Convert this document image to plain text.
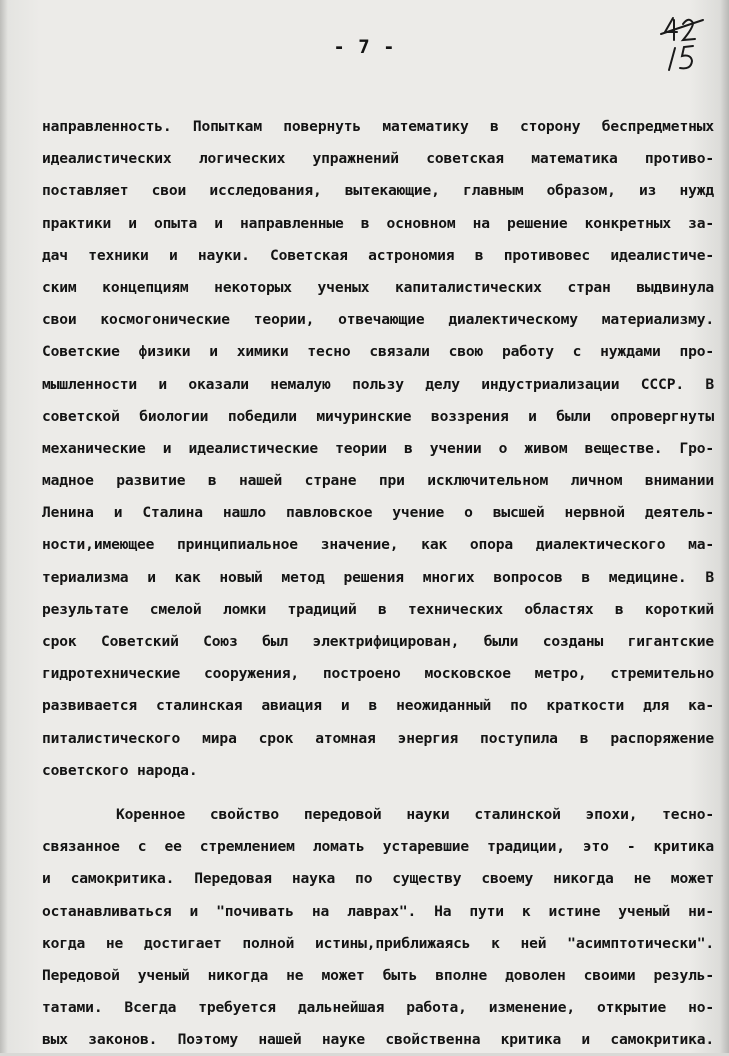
- 7 -
направленность. Попыткам повернуть математику в сторону беспредметных
идеалистических логических упражнений советская математика противо-
поставляет свои исследования, вытекающие, главным образом, из нужд
практики и опыта и направленные в основном на решение конкретных за-
дач техники и науки. Советская астрономия в противовес идеалистиче-
ским концепциям некоторых ученых капиталистических стран выдвинула
свои космогонические теории, отвечающие диалектическому материализму.
Советские физики и химики тесно связали свою работу с нуждами про-
мышленности и оказали немалую пользу делу индустриализации СССР. В
советской биологии победили мичуринские воззрения и были опровергнуты
механические и идеалистические теории в учении о живом веществе. Гро-
мадное развитие в нашей стране при исключительном личном внимании
Ленина и Сталина нашло павловское учение о высшей нервной деятель-
ности,имеющее принципиальное значение, как опора диалектического ма-
териализма и как новый метод решения многих вопросов в медицине. В
результате смелой ломки традиций в технических областях в короткий
срок Советский Союз был электрифицирован, были созданы гигантские
гидротехнические сооружения, построено московское метро, стремительно
развивается сталинская авиация и в неожиданный по краткости для ка-
питалистического мира срок атомная энергия поступила в распоряжение
советского народа.
Коренное свойство передовой науки сталинской эпохи, тесно-
связанное с ее стремлением ломать устаревшие традиции, это - критика
и самокритика. Передовая наука по существу своему никогда не может
останавливаться и "почивать на лаврах". На пути к истине ученый ни-
когда не достигает полной истины,приближаясь к ней "асимптотически".
Передовой ученый никогда не может быть вполне доволен своими резуль-
татами. Всегда требуется дальнейшая работа, изменение, открытие но-
вых законов. Поэтому нашей науке свойственна критика и самокритика.
